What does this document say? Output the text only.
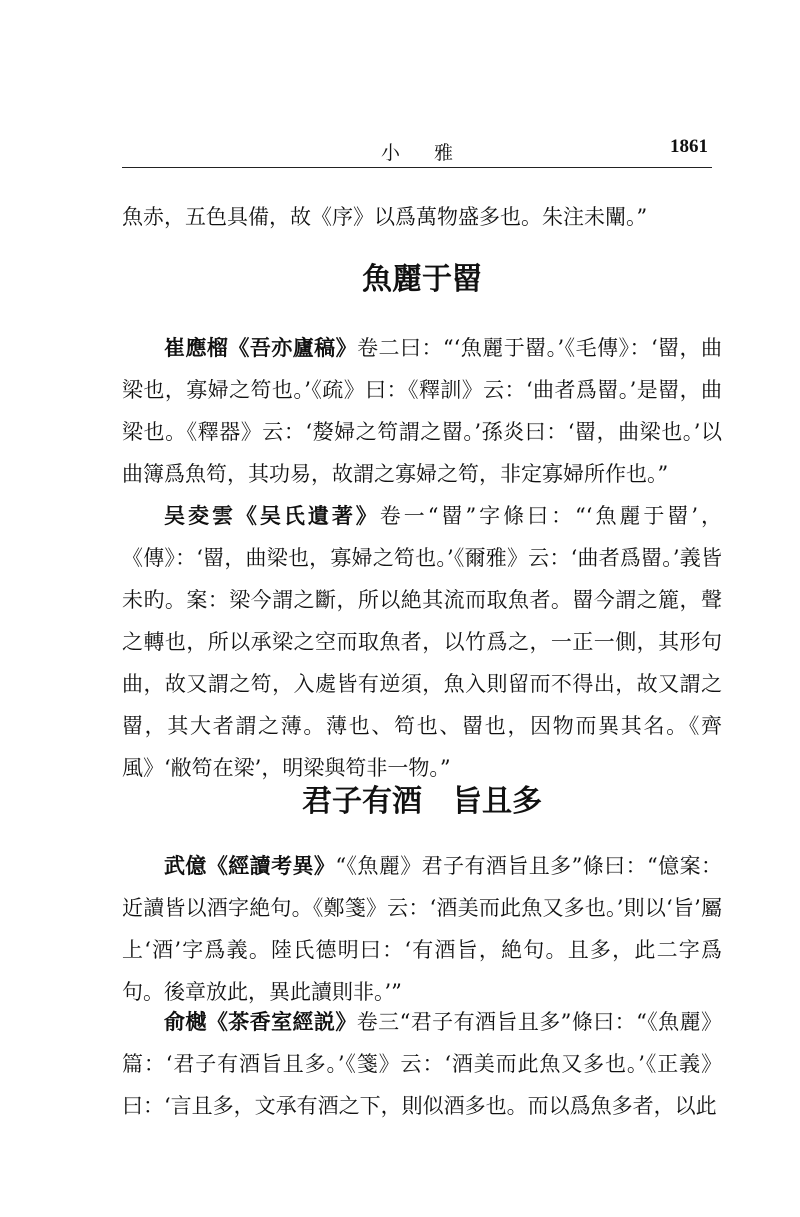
小雅	1861

魚赤，五色具備，故《序》以爲萬物盛多也。朱注未闡。”

魚麗于罶

崔應榴《吾亦廬稿》卷二曰：“‘魚麗于罶。’《毛傳》：‘罶，曲梁也，寡婦之笱也。’《疏》曰：《釋訓》云：‘曲者爲罶。’是罶，曲梁也。《釋器》云：‘嫠婦之笱謂之罶。’孫炎曰：‘罶，曲梁也。’以曲簿爲魚笱，其功易，故謂之寡婦之笱，非定寡婦所作也。”

吴夌雲《吴氏遺著》卷一“罶”字條曰：“‘魚麗于罶’，《傳》：‘罶，曲梁也，寡婦之笱也。’《爾雅》云：‘曲者爲罶。’義皆未旳。案：梁今謂之斷，所以絶其流而取魚者。罶今謂之簏，聲之轉也，所以承梁之空而取魚者，以竹爲之，一正一側，其形句曲，故又謂之笱，入處皆有逆須，魚入則留而不得出，故又謂之罶，其大者謂之薄。薄也、笱也、罶也，因物而異其名。《齊風》‘敝笱在梁’，明梁與笱非一物。”

君子有酒　旨且多

武億《經讀考異》“《魚麗》君子有酒旨且多”條曰：“億案：近讀皆以酒字絶句。《鄭箋》云：‘酒美而此魚又多也。’則以‘旨’屬上‘酒’字爲義。陸氏德明曰：‘有酒旨，絶句。且多，此二字爲句。後章放此，異此讀則非。’”

俞樾《茶香室經説》卷三“君子有酒旨且多”條曰：“《魚麗》篇：‘君子有酒旨且多。’《箋》云：‘酒美而此魚又多也。’《正義》曰：‘言且多，文承有酒之下，則似酒多也。而以爲魚多者，以此
